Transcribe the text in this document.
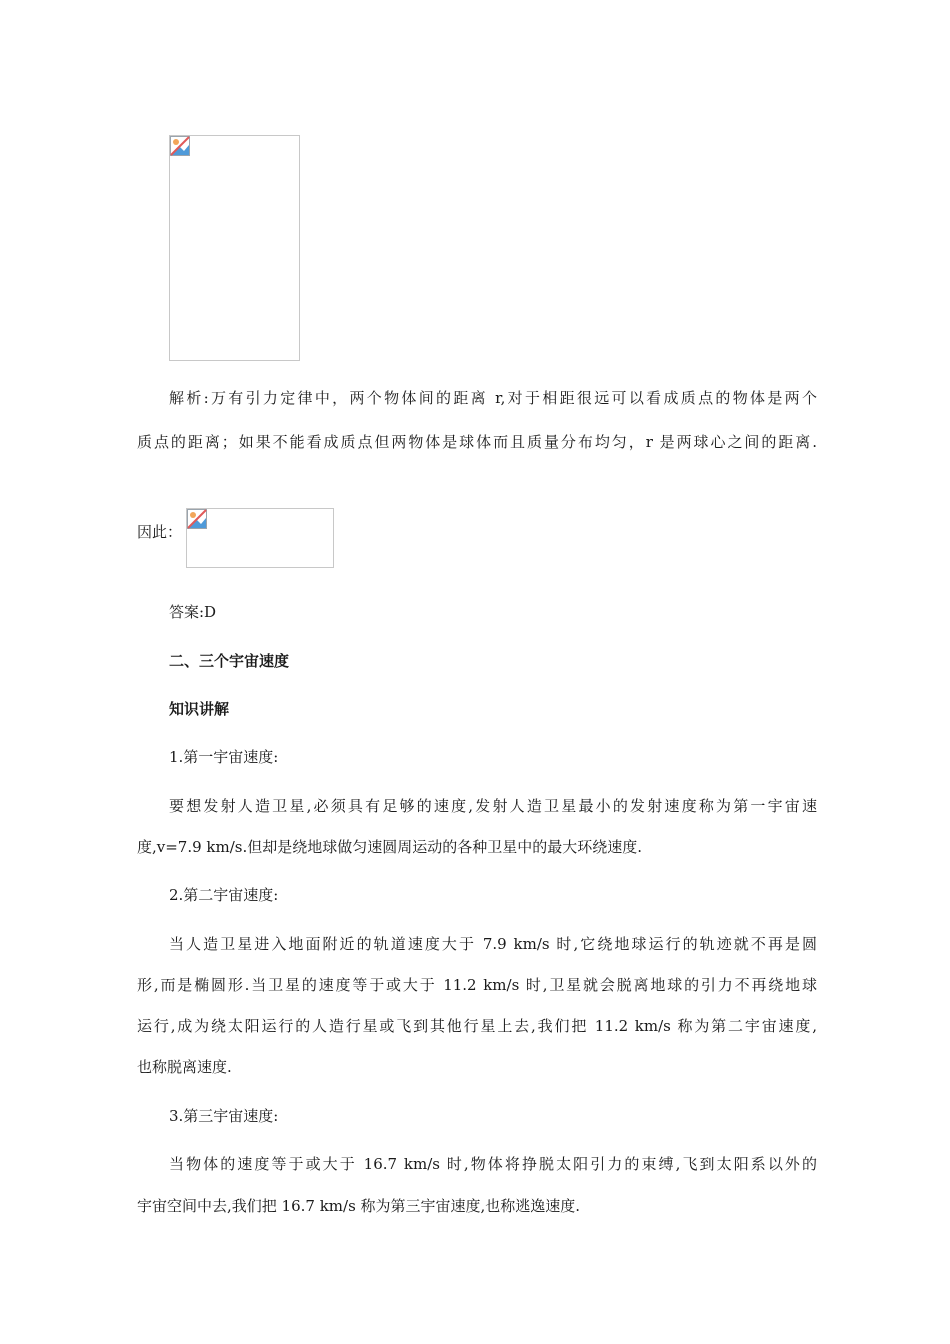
解析:万有引力定律中，两个物体间的距离 r,对于相距很远可以看成质点的物体是两个
质点的距离；如果不能看成质点但两物体是球体而且质量分布均匀，r 是两球心之间的距离.
因此：
答案:D
二、三个宇宙速度
知识讲解
1.第一宇宙速度:
要想发射人造卫星,必须具有足够的速度,发射人造卫星最小的发射速度称为第一宇宙速
度,v=7.9 km/s.但却是绕地球做匀速圆周运动的各种卫星中的最大环绕速度.
2.第二宇宙速度:
当人造卫星进入地面附近的轨道速度大于 7.9 km/s 时,它绕地球运行的轨迹就不再是圆
形,而是椭圆形.当卫星的速度等于或大于 11.2 km/s 时,卫星就会脱离地球的引力不再绕地球
运行,成为绕太阳运行的人造行星或飞到其他行星上去,我们把 11.2 km/s 称为第二宇宙速度,
也称脱离速度.
3.第三宇宙速度:
当物体的速度等于或大于 16.7 km/s 时,物体将挣脱太阳引力的束缚,飞到太阳系以外的
宇宙空间中去,我们把 16.7 km/s 称为第三宇宙速度,也称逃逸速度.
